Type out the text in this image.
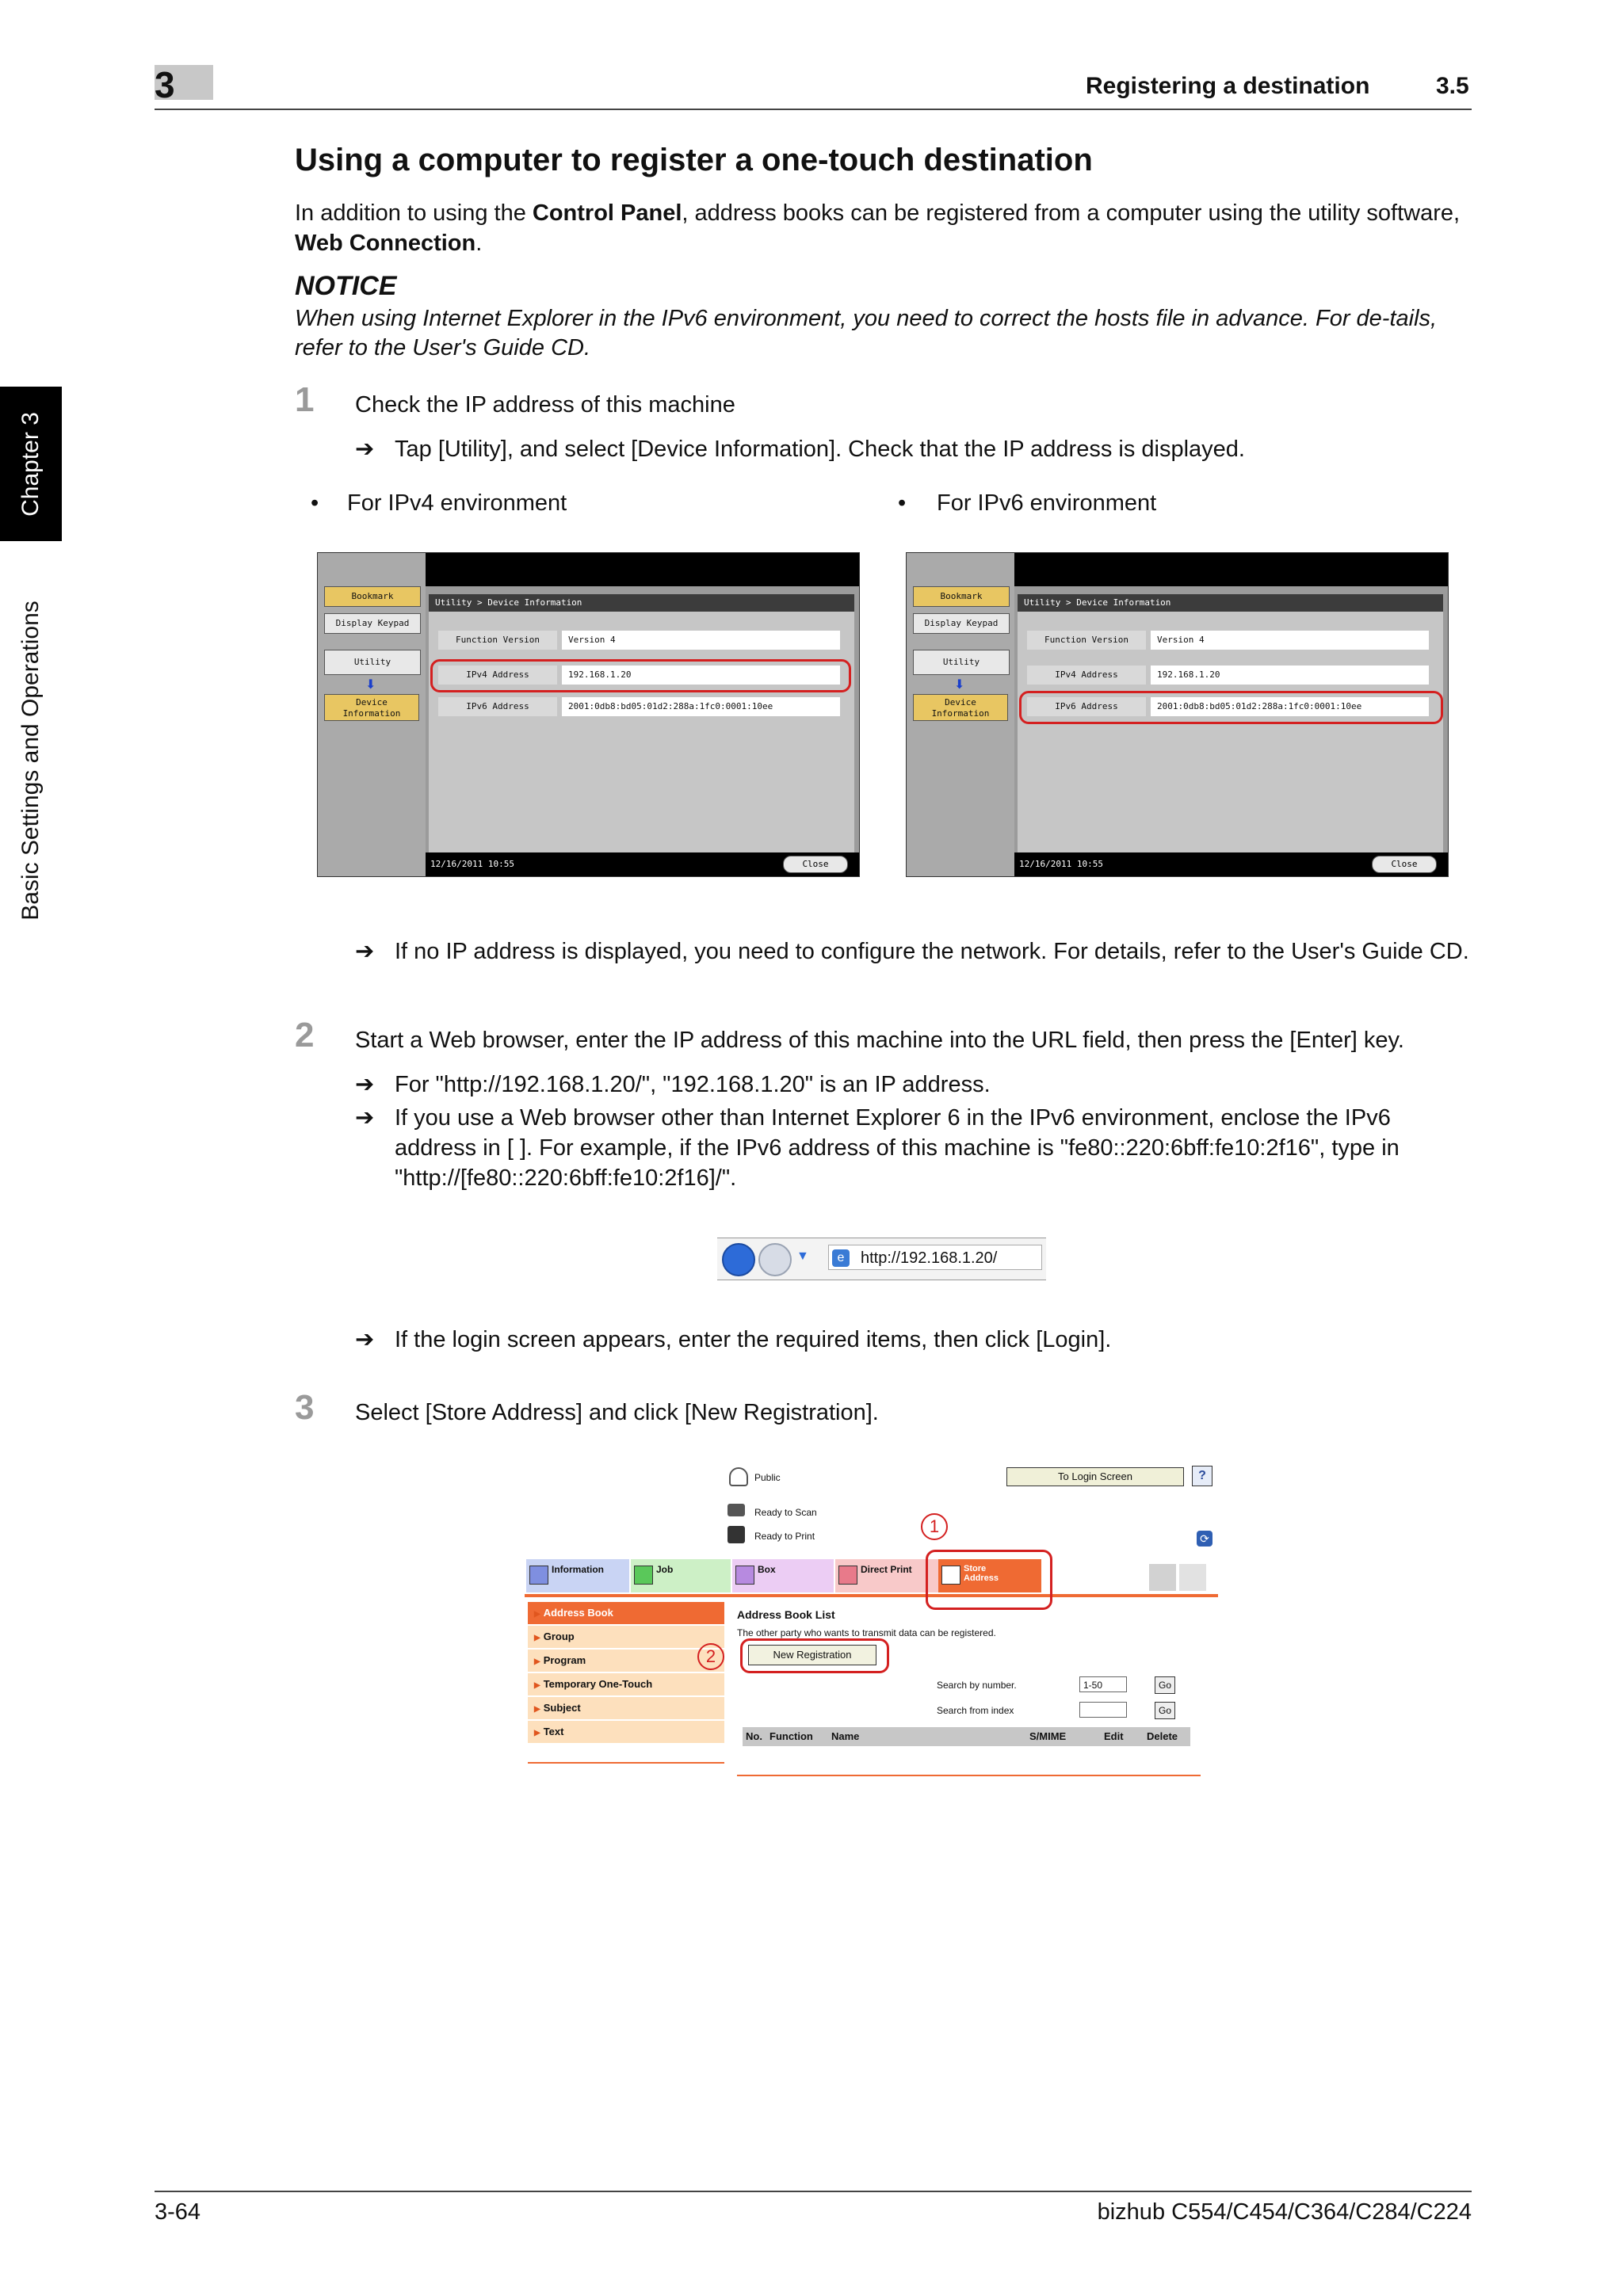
3	Registering a destination	3.5
Chapter 3
Basic Settings and Operations
Using a computer to register a one-touch destination
In addition to using the Control Panel, address books can be registered from a computer using the utility software, Web Connection.
NOTICE
When using Internet Explorer in the IPv6 environment, you need to correct the hosts file in advance. For de-tails, refer to the User's Guide CD.
1 Check the IP address of this machine
➔ Tap [Utility], and select [Device Information]. Check that the IP address is displayed.
• For IPv4 environment	• For IPv6 environment
Bookmark
Display Keypad
Utility
⬇
Device Information
Utility > Device Information
Function Version	Version 4
IPv4 Address	192.168.1.20
IPv6 Address	2001:0db8:bd05:01d2:288a:1fc0:0001:10ee
12/16/2011 10:55	Close
Bookmark
Display Keypad
Utility
⬇
Device Information
Utility > Device Information
Function Version	Version 4
IPv4 Address	192.168.1.20
IPv6 Address	2001:0db8:bd05:01d2:288a:1fc0:0001:10ee
12/16/2011 10:55	Close
➔ If no IP address is displayed, you need to configure the network. For details, refer to the User's Guide CD.
2 Start a Web browser, enter the IP address of this machine into the URL field, then press the [Enter] key.
➔ For "http://192.168.1.20/", "192.168.1.20" is an IP address.
➔ If you use a Web browser other than Internet Explorer 6 in the IPv6 environment, enclose the IPv6 address in [ ]. For example, if the IPv6 address of this machine is "fe80::220:6bff:fe10:2f16", type in "http://[fe80::220:6bff:fe10:2f16]/".
▼	http://192.168.1.20/
e
➔ If the login screen appears, enter the required items, then click [Login].
3 Select [Store Address] and click [New Registration].
Public	To Login Screen	?
Ready to Scan
Ready to Print	⟳
Information	Job	Box	Direct Print	Store Address
▶ Address Book
▶ Group
▶ Program
▶ Temporary One-Touch
▶ Subject
▶ Text
Address Book List
The other party who wants to transmit data can be registered.
New Registration
Search by number.	1-50	Go
Search from index	Go
No. Function Name	S/MIME	Edit Delete
1
2
3-64	bizhub C554/C454/C364/C284/C224
